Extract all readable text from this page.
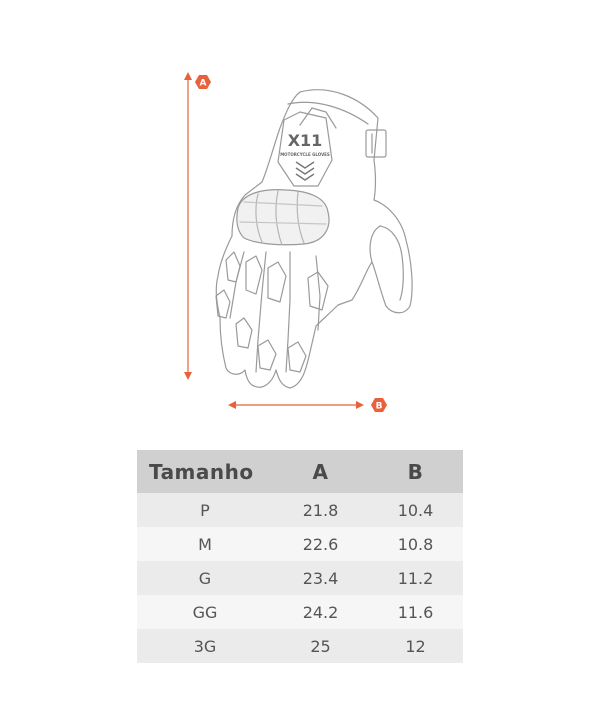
A
B
X11
MOTORCYCLE GLOVES
Tamanho	A	B
P	21.8	10.4
M	22.6	10.8
G	23.4	11.2
GG	24.2	11.6
3G	25	12
